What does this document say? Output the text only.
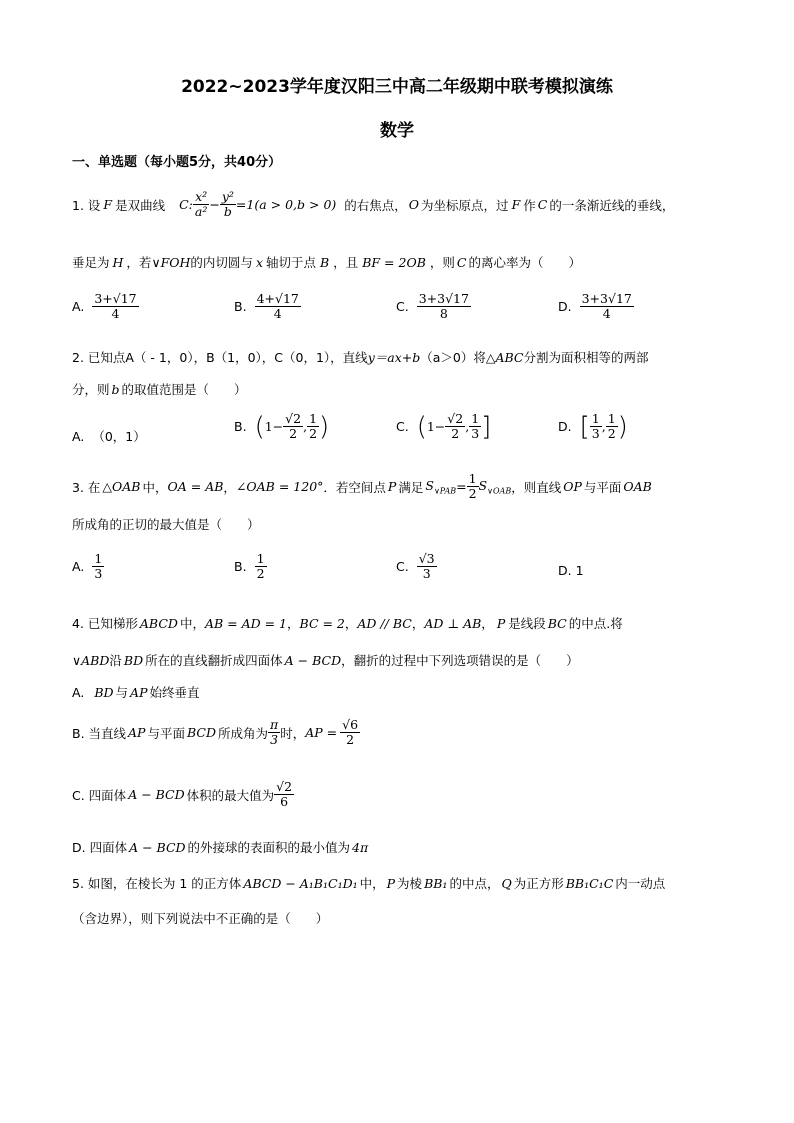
2022~2023学年度汉阳三中高二年级期中联考模拟演练
数学
一、单选题（每小题5分，共40分）
1. 设 F 是双曲线 C: $\frac{\text{x²}}{\text{a²}} - \frac{\text{y²}}{b} =1(a > 0,b > 0)$ 的右焦点， O 为坐标原点，过 F 作 C 的一条渐近线的垂线，
垂足为 H ，若 ∨FOH 的内切圆与 x 轴切于点 B ，且 BF = 2OB ，则 C 的离心率为（　　）
A. $\frac{3+√17}{4}$	B. $\frac{4+√17}{4}$	C. $\frac{3+3√17}{8}$	D. $\frac{3+3√17}{4}$
2. 已知点A（ - 1，0），B（1，0），C（0，1），直线y＝ax+b（a＞0）将△ABC分割为面积相等的两部
分，则 b 的取值范围是（　　）
A. （0，1）
B. ( $1- \frac{√2}{2}$ , $\frac{1}{2}$ )	C. ( $1- \frac{√2}{2}$ , $\frac{1}{3}$ ]	D. [ $\frac{1}{3}$ , $\frac{1}{2}$ )
3. 在 △OAB 中， OA = AB ， ∠OAB = 120° ．若空间点 P 满足 $S_{\vee PAB} = \frac{1}{2} S_{\vee OAB}$ ，则直线 OP 与平面 OAB
所成角的正切的最大值是（　　）
A. $\frac{1}{3}$	B. $\frac{1}{2}$	C. $\frac{√3}{3}$	D. 1
4. 已知梯形 ABCD 中， AB = AD = 1 ， BC = 2 ， AD // BC ， AD ⊥ AB ， P 是线段 BC 的中点.将
∨ABD 沿 BD 所在的直线翻折成四面体 A − BCD ，翻折的过程中下列选项错误的是（　　）
A. BD 与 AP 始终垂直
B. 当直线 AP 与平面 BCD 所成角为 $\frac{\pi}{3}$ 时， AP = $\frac{√6}{2}$
C. 四面体 A − BCD 体积的最大值为 $\frac{√2}{6}$
D. 四面体 A − BCD 的外接球的表面积的最小值为 4π
5. 如图，在棱长为 1 的正方体 ABCD − A₁B₁C₁D₁ 中， P 为棱 BB₁ 的中点， Q 为正方形 BB₁C₁C 内一动点
（含边界），则下列说法中不正确的是（　　）
